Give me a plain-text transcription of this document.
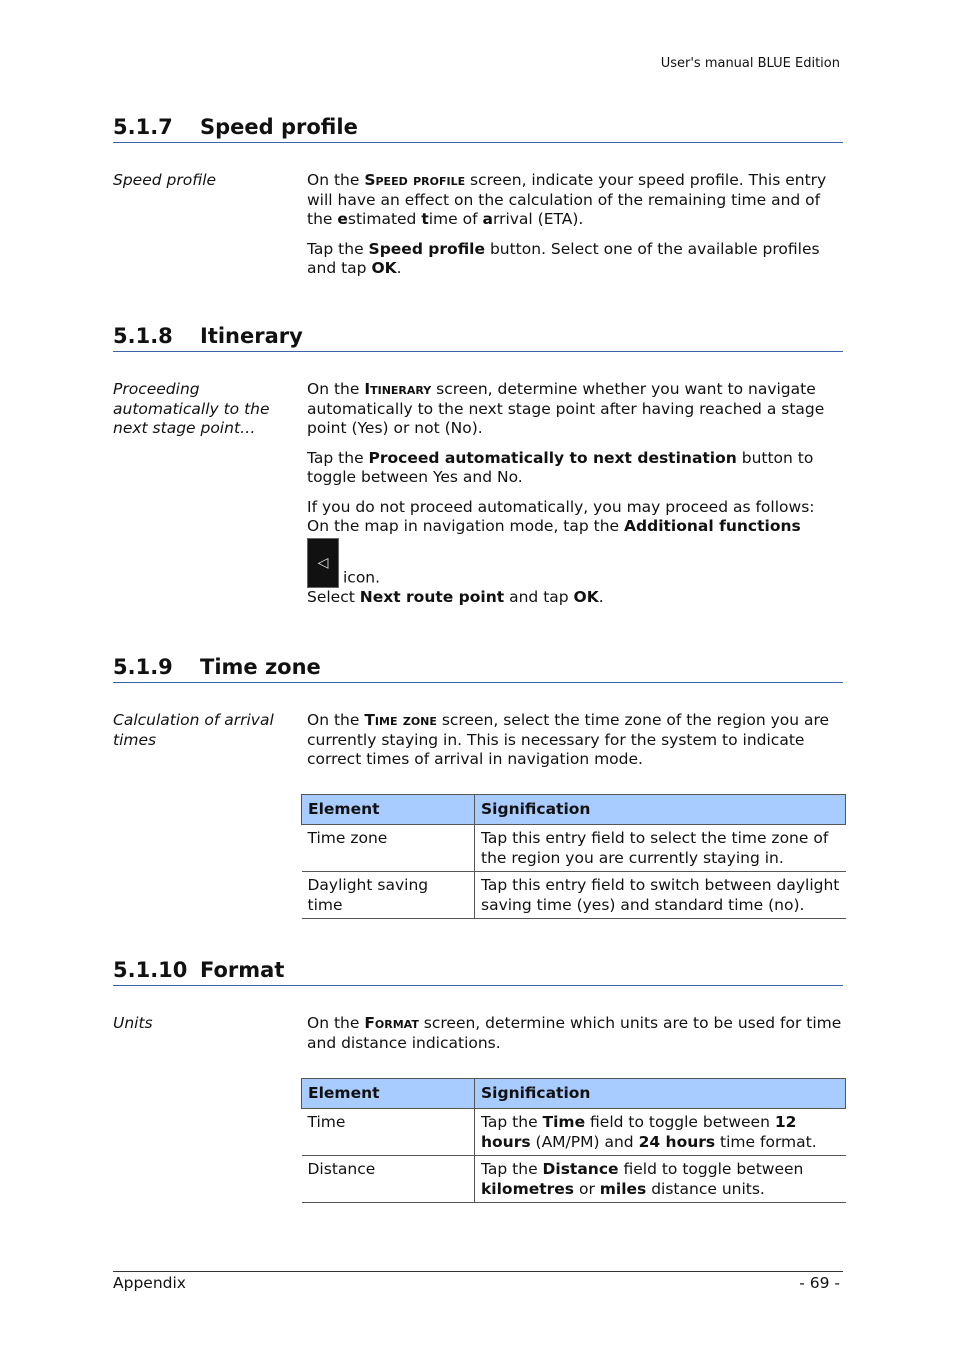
User's manual BLUE Edition
5.1.7 Speed profile
Speed profile	On the Speed profile screen, indicate your speed profile. This entry will have an effect on the calculation of the remaining time and of the estimated time of arrival (ETA).

Tap the Speed profile button. Select one of the available profiles and tap OK.

5.1.8 Itinerary
Proceeding automatically to the next stage point…

On the Itinerary screen, determine whether you want to navigate automatically to the next stage point after having reached a stage point (Yes) or not (No).

Tap the Proceed automatically to next destination button to toggle between Yes and No.

If you do not proceed automatically, you may proceed as follows:
On the map in navigation mode, tap the Additional functions

◁icon.
Select Next route point and tap OK.
5.1.9 Time zone
Calculation of arrival times

On the Time zone screen, select the time zone of the region you are currently staying in. This is necessary for the system to indicate correct times of arrival in navigation mode.

Element	Signification
Time zone	Tap this entry field to select the time zone of the region you are currently staying in.
Daylight saving time	Tap this entry field to switch between daylight saving time (yes) and standard time (no).
5.1.10 Format
Units	On the Format screen, determine which units are to be used for time and distance indications.

Element	Signification
Time	Tap the Time field to toggle between 12 hours (AM/PM) and 24 hours time format.
Distance	Tap the Distance field to toggle between kilometres or miles distance units.
Appendix	- 69 -
